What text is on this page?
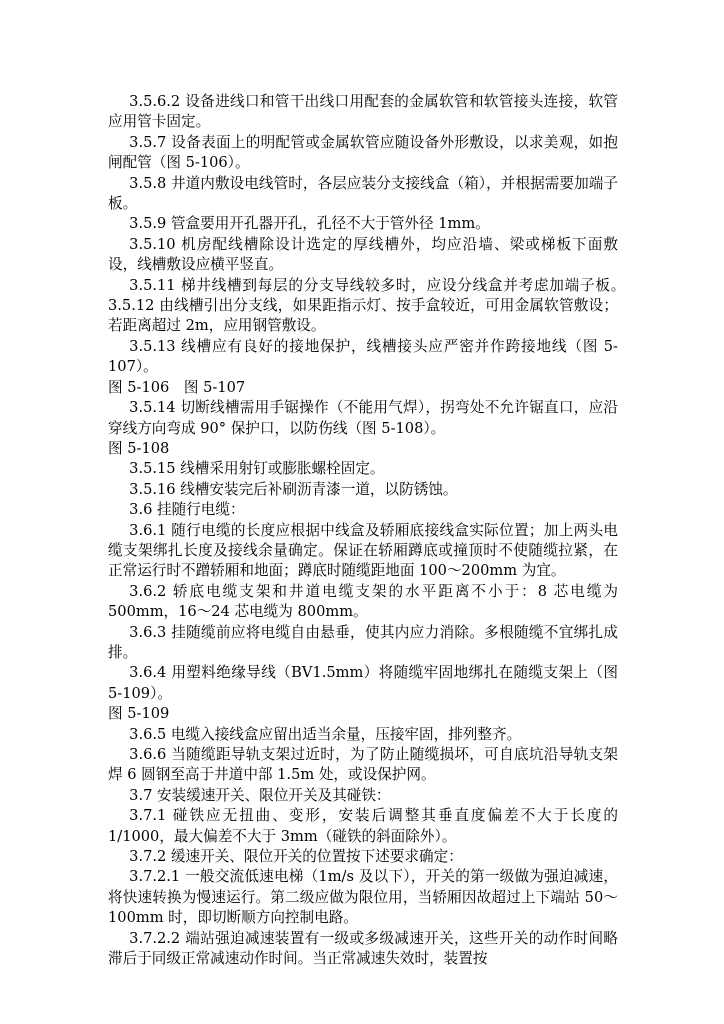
3.5.6.2 设备进线口和管干出线口用配套的金属软管和软管接头连接，软管应用管卡固定。

3.5.7 设备表面上的明配管或金属软管应随设备外形敷设，以求美观，如抱闸配管（图 5-106）。

3.5.8 井道内敷设电线管时，各层应装分支接线盒（箱），并根据需要加端子板。

3.5.9 管盒要用开孔器开孔，孔径不大于管外径 1mm。

3.5.10 机房配线槽除设计选定的厚线槽外，均应沿墙、梁或梯板下面敷设，线槽敷设应横平竖直。

3.5.11 梯井线槽到每层的分支导线较多时，应设分线盒并考虑加端子板。　3.5.12 由线槽引出分支线，如果距指示灯、按手盒较近，可用金属软管敷设；若距离超过 2m，应用钢管敷设。

3.5.13 线槽应有良好的接地保护，线槽接头应严密并作跨接地线（图 5-107）。

图 5-106　图 5-107

3.5.14 切断线槽需用手锯操作（不能用气焊），拐弯处不允许锯直口，应沿穿线方向弯成 90° 保护口，以防伤线（图 5-108）。

图 5-108

3.5.15 线槽采用射钉或膨胀螺栓固定。

3.5.16 线槽安装完后补刷沥青漆一道，以防锈蚀。

3.6 挂随行电缆：

3.6.1 随行电缆的长度应根据中线盒及轿厢底接线盒实际位置；加上两头电缆支架绑扎长度及接线余量确定。保证在轿厢蹲底或撞顶时不使随缆拉紧，在正常运行时不蹭轿厢和地面；蹲底时随缆距地面 100～200mm 为宜。

3.6.2 轿底电缆支架和井道电缆支架的水平距离不小于：8 芯电缆为 500mm，16～24 芯电缆为 800mm。

3.6.3 挂随缆前应将电缆自由悬垂，使其内应力消除。多根随缆不宜绑扎成排。

3.6.4 用塑料绝缘导线（BV1.5mm）将随缆牢固地绑扎在随缆支架上（图 5-109）。

图 5-109

3.6.5 电缆入接线盒应留出适当余量，压接牢固，排列整齐。

3.6.6 当随缆距导轨支架过近时，为了防止随缆损坏，可自底坑沿导轨支架焊 6 圆钢至高于井道中部 1.5m 处，或设保护网。

3.7 安装缓速开关、限位开关及其碰铁：

3.7.1 碰铁应无扭曲、变形，安装后调整其垂直度偏差不大于长度的 1/1000，最大偏差不大于 3mm（碰铁的斜面除外）。

3.7.2 缓速开关、限位开关的位置按下述要求确定：

3.7.2.1 一般交流低速电梯（1m/s 及以下），开关的第一级做为强迫减速，将快速转换为慢速运行。第二级应做为限位用，当轿厢因故超过上下端站 50～100mm 时，即切断顺方向控制电路。

3.7.2.2 端站强迫减速装置有一级或多级减速开关，这些开关的动作时间略滞后于同级正常减速动作时间。当正常减速失效时，装置按
